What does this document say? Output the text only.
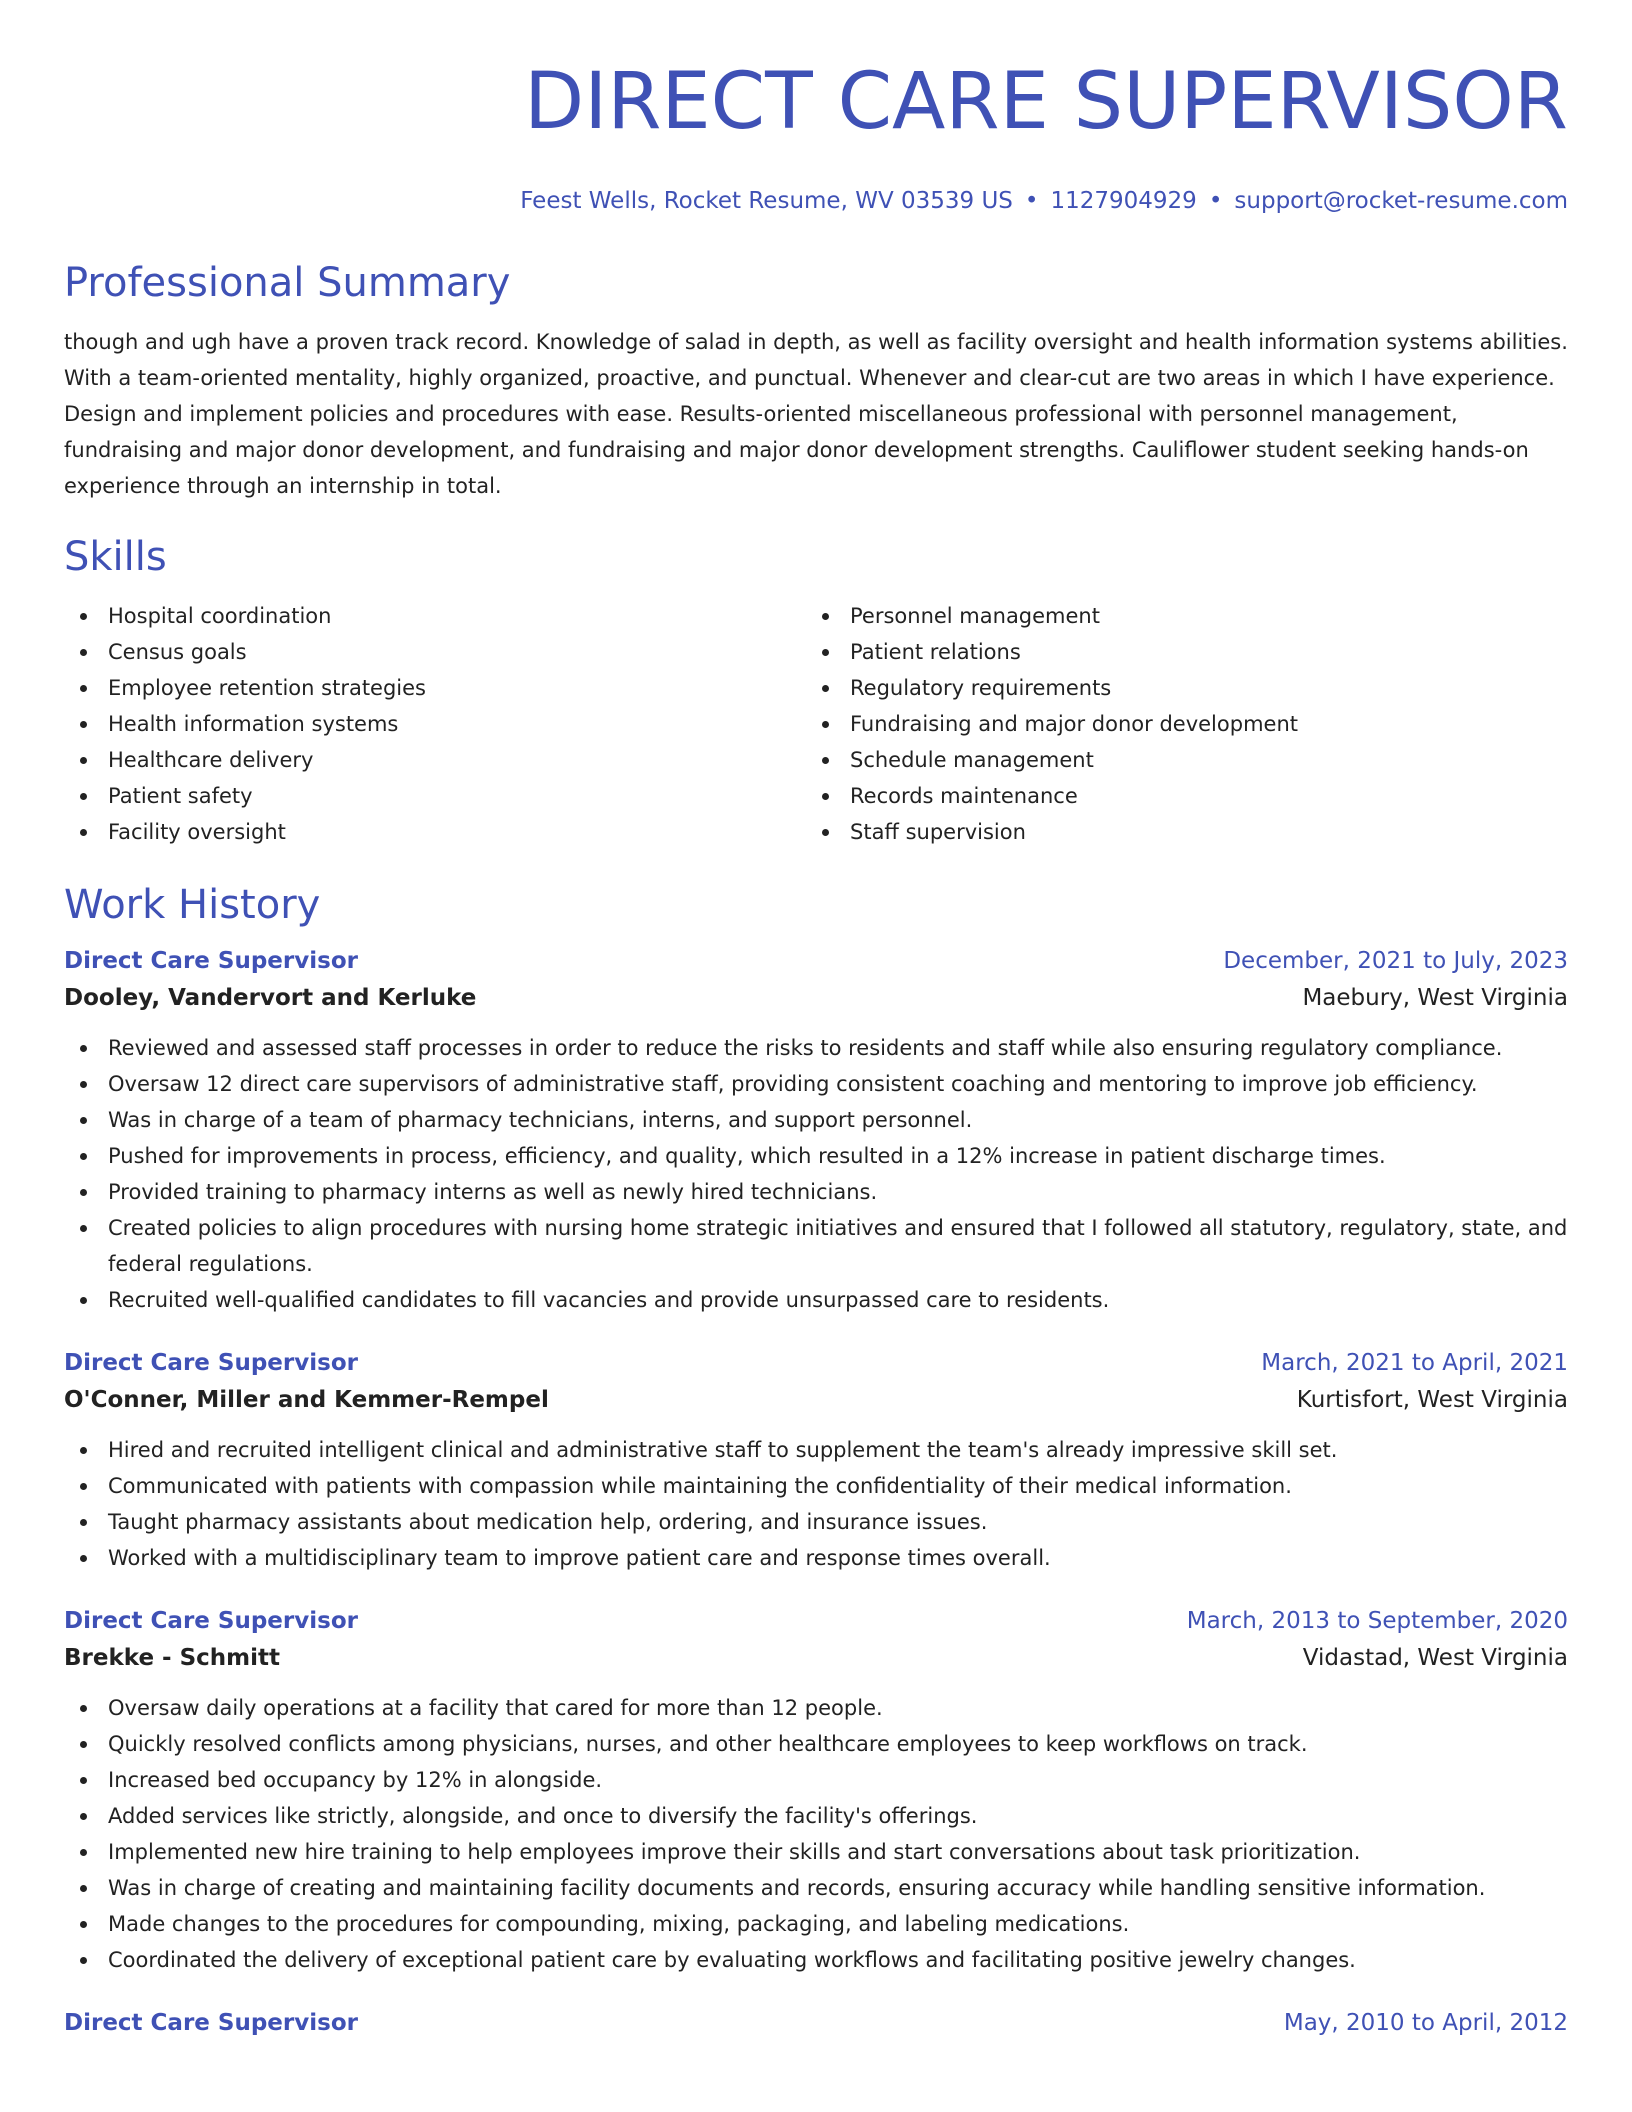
DIRECT CARE SUPERVISOR
Feest Wells, Rocket Resume, WV 03539 US • 1127904929 • support@rocket-resume.com
Professional Summary
though and ugh have a proven track record. Knowledge of salad in depth, as well as facility oversight and health information systems abilities. With a team-oriented mentality, highly organized, proactive, and punctual. Whenever and clear-cut are two areas in which I have experience. Design and implement policies and procedures with ease. Results-oriented miscellaneous professional with personnel management, fundraising and major donor development, and fundraising and major donor development strengths. Cauliflower student seeking hands-on experience through an internship in total.
Skills
Hospital coordination
Census goals
Employee retention strategies
Health information systems
Healthcare delivery
Patient safety
Facility oversight
Personnel management
Patient relations
Regulatory requirements
Fundraising and major donor development
Schedule management
Records maintenance
Staff supervision
Work History
Direct Care Supervisor	December, 2021 to July, 2023
Dooley, Vandervort and Kerluke	Maebury, West Virginia
Reviewed and assessed staff processes in order to reduce the risks to residents and staff while also ensuring regulatory compliance.
Oversaw 12 direct care supervisors of administrative staff, providing consistent coaching and mentoring to improve job efficiency.
Was in charge of a team of pharmacy technicians, interns, and support personnel.
Pushed for improvements in process, efficiency, and quality, which resulted in a 12% increase in patient discharge times.
Provided training to pharmacy interns as well as newly hired technicians.
Created policies to align procedures with nursing home strategic initiatives and ensured that I followed all statutory, regulatory, state, and federal regulations.
Recruited well-qualified candidates to fill vacancies and provide unsurpassed care to residents.
Direct Care Supervisor	March, 2021 to April, 2021
O'Conner, Miller and Kemmer-Rempel	Kurtisfort, West Virginia
Hired and recruited intelligent clinical and administrative staff to supplement the team's already impressive skill set.
Communicated with patients with compassion while maintaining the confidentiality of their medical information.
Taught pharmacy assistants about medication help, ordering, and insurance issues.
Worked with a multidisciplinary team to improve patient care and response times overall.
Direct Care Supervisor	March, 2013 to September, 2020
Brekke - Schmitt	Vidastad, West Virginia
Oversaw daily operations at a facility that cared for more than 12 people.
Quickly resolved conflicts among physicians, nurses, and other healthcare employees to keep workflows on track.
Increased bed occupancy by 12% in alongside.
Added services like strictly, alongside, and once to diversify the facility's offerings.
Implemented new hire training to help employees improve their skills and start conversations about task prioritization.
Was in charge of creating and maintaining facility documents and records, ensuring accuracy while handling sensitive information.
Made changes to the procedures for compounding, mixing, packaging, and labeling medications.
Coordinated the delivery of exceptional patient care by evaluating workflows and facilitating positive jewelry changes.
Direct Care Supervisor	May, 2010 to April, 2012
